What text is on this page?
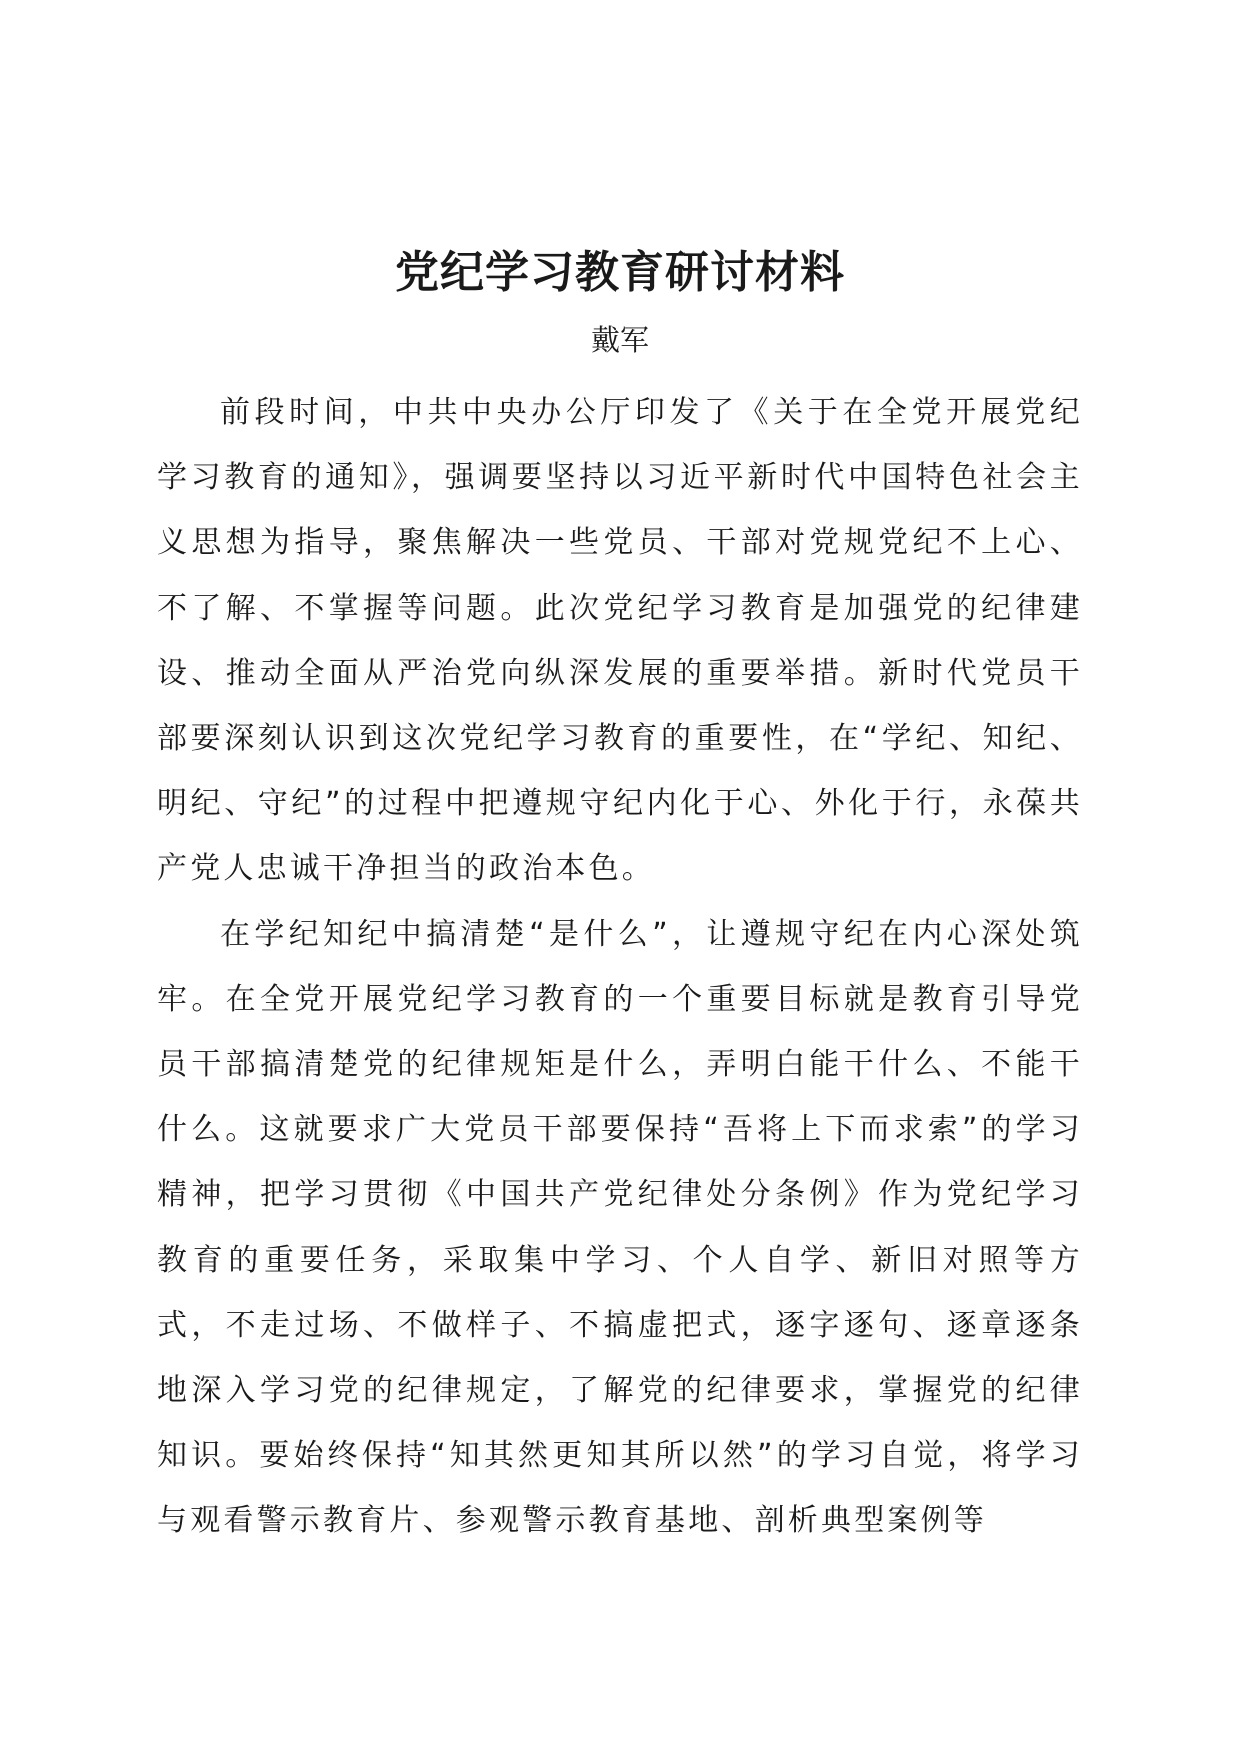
党纪学习教育研讨材料
戴军

前段时间，中共中央办公厅印发了《关于在全党开展党纪学习教育的通知》，强调要坚持以习近平新时代中国特色社会主义思想为指导，聚焦解决一些党员、干部对党规党纪不上心、不了解、不掌握等问题。此次党纪学习教育是加强党的纪律建设、推动全面从严治党向纵深发展的重要举措。新时代党员干部要深刻认识到这次党纪学习教育的重要性，在“学纪、知纪、明纪、守纪”的过程中把遵规守纪内化于心、外化于行，永葆共产党人忠诚干净担当的政治本色。

在学纪知纪中搞清楚“是什么”，让遵规守纪在内心深处筑牢。在全党开展党纪学习教育的一个重要目标就是教育引导党员干部搞清楚党的纪律规矩是什么，弄明白能干什么、不能干什么。这就要求广大党员干部要保持“吾将上下而求索”的学习精神，把学习贯彻《中国共产党纪律处分条例》作为党纪学习教育的重要任务，采取集中学习、个人自学、新旧对照等方式，不走过场、不做样子、不搞虚把式，逐字逐句、逐章逐条地深入学习党的纪律规定，了解党的纪律要求，掌握党的纪律知识。要始终保持“知其然更知其所以然”的学习自觉，将学习与观看警示教育片、参观警示教育基地、剖析典型案例等
